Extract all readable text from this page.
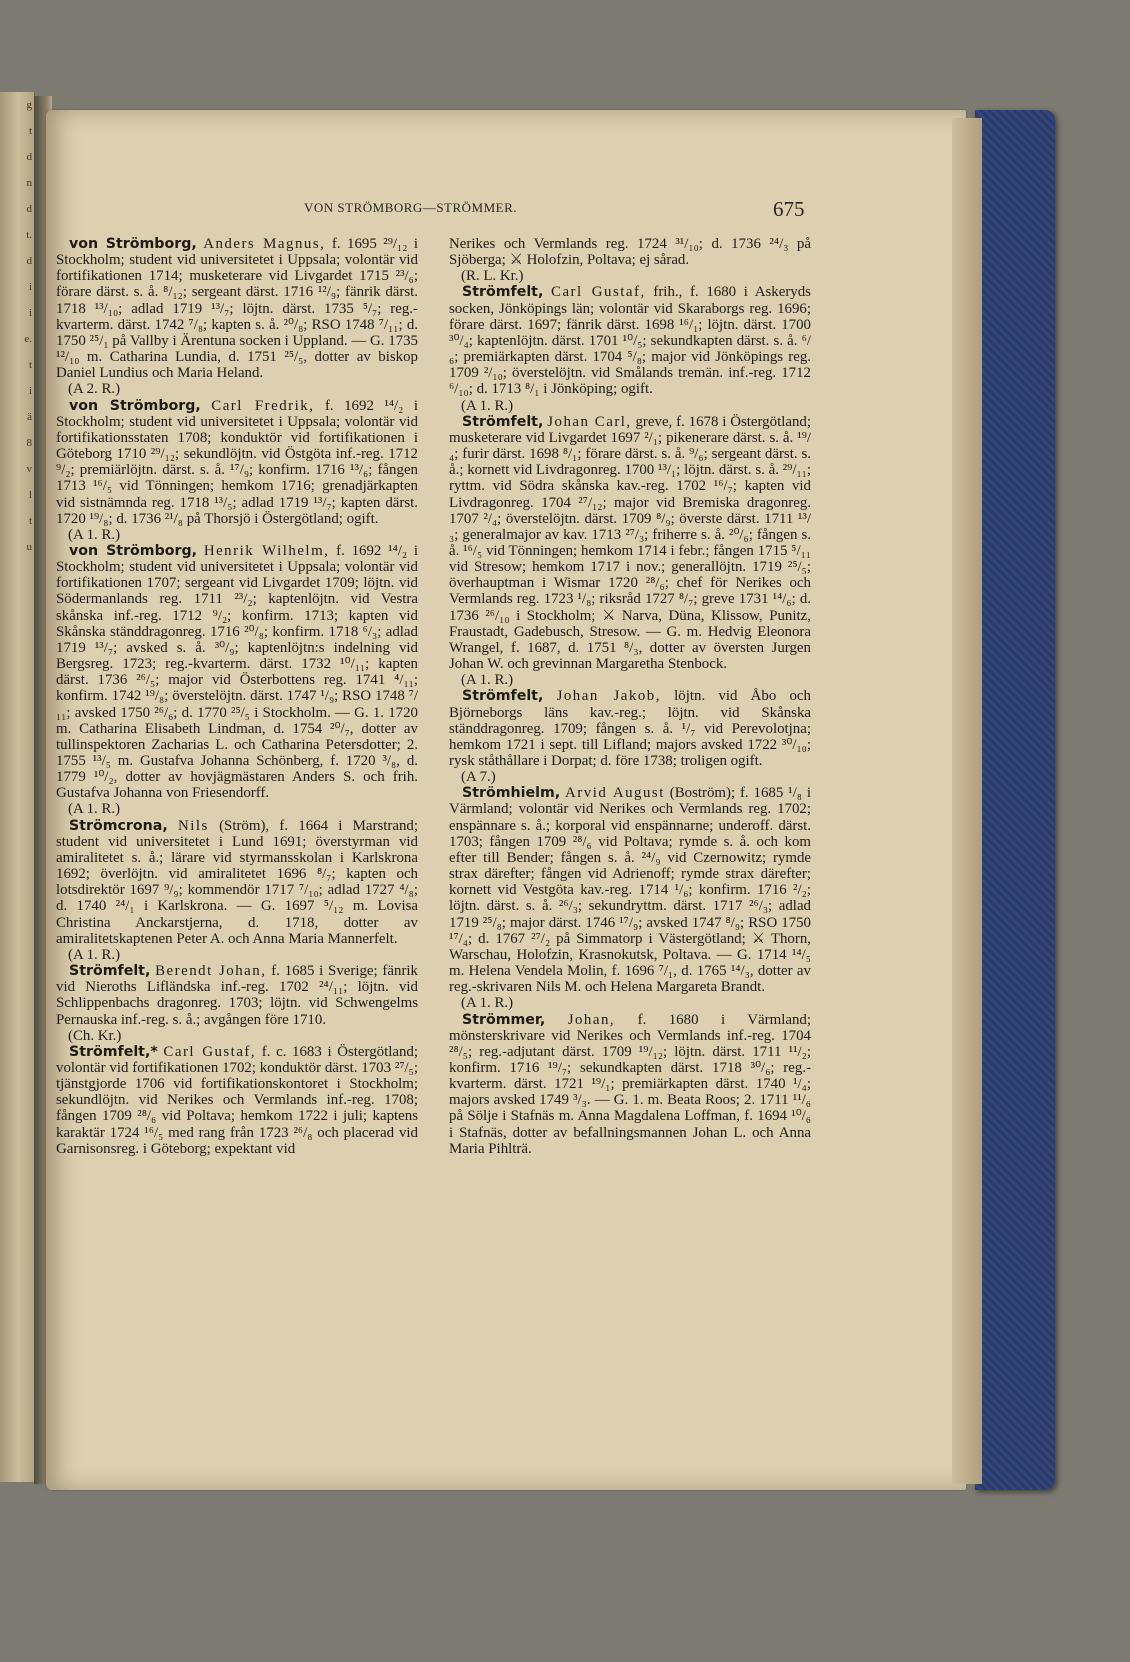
g
t
d
n
d
t.
d
i
i
e.
t
i
ä
8
v
l
t
u
VON STRÖMBORG—STRÖMMER.	675

von Strömborg, Anders Magnus, f. 1695 ²⁹/₁₂ i Stockholm; student vid universitetet i Uppsala; volontär vid fortifikationen 1714; musketerare vid Livgardet 1715 ²³/₆; förare därst. s. å. ⁸/₁₂; sergeant därst. 1716 ¹²/₉; fänrik därst. 1718 ¹³/₁₀; adlad 1719 ¹³/₇; löjtn. därst. 1735 ⁵/₇; reg.-kvarterm. därst. 1742 ⁷/₈; kapten s. å. ²⁰/₈; RSO 1748 ⁷/₁₁; d. 1750 ²⁵/₁ på Vallby i Ärentuna socken i Uppland. — G. 1735 ¹²/₁₀ m. Catharina Lundia, d. 1751 ²⁵/₅, dotter av biskop Daniel Lundius och Maria Heland.
(A 2. R.)

von Strömborg, Carl Fredrik, f. 1692 ¹⁴/₂ i Stockholm; student vid universitetet i Uppsala; volontär vid fortifikationsstaten 1708; konduktör vid fortifikationen i Göteborg 1710 ²⁹/₁₂; sekundlöjtn. vid Östgöta inf.-reg. 1712 ⁹/₂; premiärlöjtn. därst. s. å. ¹⁷/₉; konfirm. 1716 ¹³/₆; fången 1713 ¹⁶/₅ vid Tönningen; hemkom 1716; grenadjärkapten vid sistnämnda reg. 1718 ¹³/₅; adlad 1719 ¹³/₇; kapten därst. 1720 ¹⁹/₈; d. 1736 ²¹/₈ på Thorsjö i Östergötland; ogift.
(A 1. R.)

von Strömborg, Henrik Wilhelm, f. 1692 ¹⁴/₂ i Stockholm; student vid universitetet i Uppsala; volontär vid fortifikationen 1707; sergeant vid Livgardet 1709; löjtn. vid Södermanlands reg. 1711 ²³/₂; kaptenlöjtn. vid Vestra skånska inf.-reg. 1712 ⁹/₂; konfirm. 1713; kapten vid Skånska ständdragonreg. 1716 ²⁰/₈; konfirm. 1718 ⁶/₃; adlad 1719 ¹³/₇; avsked s. å. ³⁰/₉; kaptenlöjtn:s indelning vid Bergsreg. 1723; reg.-kvarterm. därst. 1732 ¹⁰/₁₁; kapten därst. 1736 ²⁶/₅; major vid Österbottens reg. 1741 ⁴/₁₁; konfirm. 1742 ¹⁹/₈; överstelöjtn. därst. 1747 ¹/₉; RSO 1748 ⁷/₁₁; avsked 1750 ²⁶/₆; d. 1770 ²⁵/₅ i Stockholm. — G. 1. 1720 m. Catharina Elisabeth Lindman, d. 1754 ²⁰/₇, dotter av tullinspektoren Zacharias L. och Catharina Petersdotter; 2. 1755 ¹³/₅ m. Gustafva Johanna Schönberg, f. 1720 ³/₈, d. 1779 ¹⁰/₂, dotter av hovjägmästaren Anders S. och frih. Gustafva Johanna von Friesendorff.
(A 1. R.)

Strömcrona, Nils (Ström), f. 1664 i Marstrand; student vid universitetet i Lund 1691; överstyrman vid amiralitetet s. å.; lärare vid styrmansskolan i Karlskrona 1692; överlöjtn. vid amiralitetet 1696 ⁸/₇; kapten och lotsdirektör 1697 ⁹/₉; kommendör 1717 ⁷/₁₀; adlad 1727 ⁴/₈; d. 1740 ²⁴/₁ i Karlskrona. — G. 1697 ⁵/₁₂ m. Lovisa Christina Anckarstjerna, d. 1718, dotter av amiralitetskaptenen Peter A. och Anna Maria Mannerfelt.
(A 1. R.)

Strömfelt, Berendt Johan, f. 1685 i Sverige; fänrik vid Nieroths Lifländska inf.-reg. 1702 ²⁴/₁₁; löjtn. vid Schlippenbachs dragonreg. 1703; löjtn. vid Schwengelms Pernauska inf.-reg. s. å.; avgången före 1710.
(Ch. Kr.)

Strömfelt,* Carl Gustaf, f. c. 1683 i Östergötland; volontär vid fortifikationen 1702; konduktör därst. 1703 ²⁷/₅; tjänstgjorde 1706 vid fortifikationskontoret i Stockholm; sekundlöjtn. vid Nerikes och Vermlands inf.-reg. 1708; fången 1709 ²⁸/₆ vid Poltava; hemkom 1722 i juli; kaptens karaktär 1724 ¹⁶/₅ med rang från 1723 ²⁶/₈ och placerad vid Garnisonsreg. i Göteborg; expektant vid

Nerikes och Vermlands reg. 1724 ³¹/₁₀; d. 1736 ²⁴/₃ på Sjöberga; ⚔ Holofzin, Poltava; ej sårad.
(R. L. Kr.)

Strömfelt, Carl Gustaf, frih., f. 1680 i Askeryds socken, Jönköpings län; volontär vid Skaraborgs reg. 1696; förare därst. 1697; fänrik därst. 1698 ¹⁶/₁; löjtn. därst. 1700 ³⁰/₄; kaptenlöjtn. därst. 1701 ¹⁰/₅; sekundkapten därst. s. å. ⁶/₆; premiärkapten därst. 1704 ⁵/₈; major vid Jönköpings reg. 1709 ²/₁₀; överstelöjtn. vid Smålands tremän. inf.-reg. 1712 ⁶/₁₀; d. 1713 ⁸/₁ i Jönköping; ogift.
(A 1. R.)

Strömfelt, Johan Carl, greve, f. 1678 i Östergötland; musketerare vid Livgardet 1697 ²/₁; pikenerare därst. s. å. ¹⁹/₄; furir därst. 1698 ⁸/₁; förare därst. s. å. ⁹/₆; sergeant därst. s. å.; kornett vid Livdragonreg. 1700 ¹³/₁; löjtn. därst. s. å. ²⁹/₁₁; ryttm. vid Södra skånska kav.-reg. 1702 ¹⁶/₇; kapten vid Livdragonreg. 1704 ²⁷/₁₂; major vid Bremiska dragonreg. 1707 ²/₄; överstelöjtn. därst. 1709 ⁸/₉; överste därst. 1711 ¹³/₃; generalmajor av kav. 1713 ²⁷/₃; friherre s. å. ²⁰/₆; fången s. å. ¹⁶/₅ vid Tönningen; hemkom 1714 i febr.; fången 1715 ⁵/₁₁ vid Stresow; hemkom 1717 i nov.; generallöjtn. 1719 ²⁵/₅; överhauptman i Wismar 1720 ²⁸/₆; chef för Nerikes och Vermlands reg. 1723 ¹/₈; riksråd 1727 ⁸/₇; greve 1731 ¹⁴/₆; d. 1736 ²⁶/₁₀ i Stockholm; ⚔ Narva, Düna, Klissow, Punitz, Fraustadt, Gadebusch, Stresow. — G. m. Hedvig Eleonora Wrangel, f. 1687, d. 1751 ⁸/₃, dotter av översten Jurgen Johan W. och grevinnan Margaretha Stenbock.
(A 1. R.)

Strömfelt, Johan Jakob, löjtn. vid Åbo och Björneborgs läns kav.-reg.; löjtn. vid Skånska ständdragonreg. 1709; fången s. å. ¹/₇ vid Perevolotjna; hemkom 1721 i sept. till Lifland; majors avsked 1722 ³⁰/₁₀; rysk ståthållare i Dorpat; d. före 1738; troligen ogift.
(A 7.)

Strömhielm, Arvid August (Boström); f. 1685 ¹/₈ i Värmland; volontär vid Nerikes och Vermlands reg. 1702; enspännare s. å.; korporal vid enspännarne; underoff. därst. 1703; fången 1709 ²⁸/₆ vid Poltava; rymde s. å. och kom efter till Bender; fången s. å. ²⁴/₉ vid Czernowitz; rymde strax därefter; fången vid Adrienoff; rymde strax därefter; kornett vid Vestgöta kav.-reg. 1714 ¹/₆; konfirm. 1716 ²/₂; löjtn. därst. s. å. ²⁶/₃; sekundryttm. därst. 1717 ²⁶/₃; adlad 1719 ²⁵/₈; major därst. 1746 ¹⁷/₉; avsked 1747 ⁸/₉; RSO 1750 ¹⁷/₄; d. 1767 ²⁷/₂ på Simmatorp i Västergötland; ⚔ Thorn, Warschau, Holofzin, Krasnokutsk, Poltava. — G. 1714 ¹⁴/₅ m. Helena Vendela Molin, f. 1696 ⁷/₁, d. 1765 ¹⁴/₃, dotter av reg.-skrivaren Nils M. och Helena Margareta Brandt.
(A 1. R.)

Strömmer, Johan, f. 1680 i Värmland; mönsterskrivare vid Nerikes och Vermlands inf.-reg. 1704 ²⁸/₅; reg.-adjutant därst. 1709 ¹⁹/₁₂; löjtn. därst. 1711 ¹¹/₂; konfirm. 1716 ¹⁹/₇; sekundkapten därst. 1718 ³⁰/₆; reg.-kvarterm. därst. 1721 ¹⁹/₁; premiärkapten därst. 1740 ¹/₄; majors avsked 1749 ³/₃. — G. 1. m. Beata Roos; 2. 1711 ¹¹/₆ på Sölje i Stafnäs m. Anna Magdalena Loffman, f. 1694 ¹⁰/₆ i Stafnäs, dotter av befallningsmannen Johan L. och Anna Maria Pihlträ.
